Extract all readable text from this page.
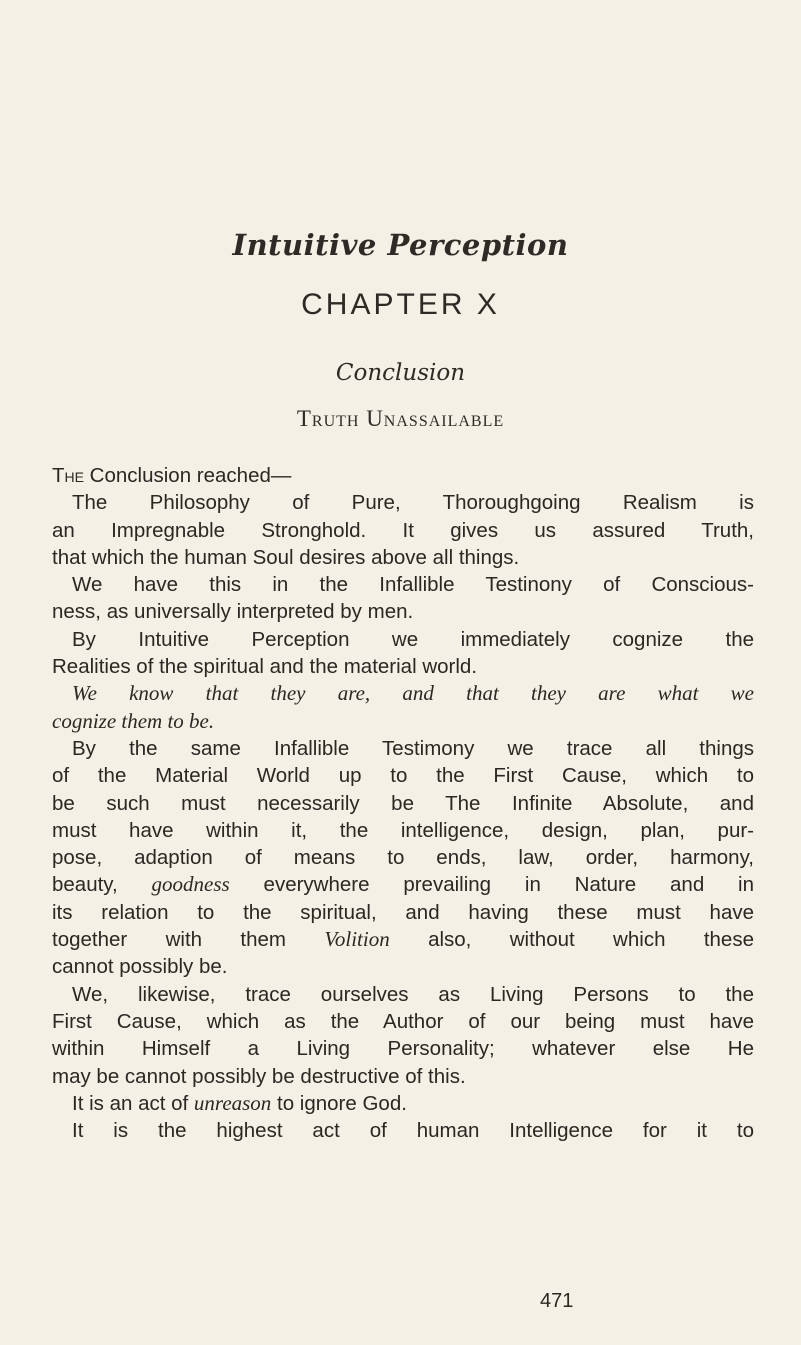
Intuitive Perception
CHAPTER X
Conclusion
Truth Unassailable
The Conclusion reached—
The Philosophy of Pure, Thoroughgoing Realism is
an Impregnable Stronghold. It gives us assured Truth,
that which the human Soul desires above all things.
We have this in the Infallible Testinony of Conscious-
ness, as universally interpreted by men.
By Intuitive Perception we immediately cognize the
Realities of the spiritual and the material world.
We know that they are, and that they are what we
cognize them to be.
By the same Infallible Testimony we trace all things
of the Material World up to the First Cause, which to
be such must necessarily be The Infinite Absolute, and
must have within it, the intelligence, design, plan, pur-
pose, adaption of means to ends, law, order, harmony,
beauty, goodness everywhere prevailing in Nature and in
its relation to the spiritual, and having these must have
together with them Volition also, without which these
cannot possibly be.
We, likewise, trace ourselves as Living Persons to the
First Cause, which as the Author of our being must have
within Himself a Living Personality; whatever else He
may be cannot possibly be destructive of this.
It is an act of unreason to ignore God.
It is the highest act of human Intelligence for it to
471
